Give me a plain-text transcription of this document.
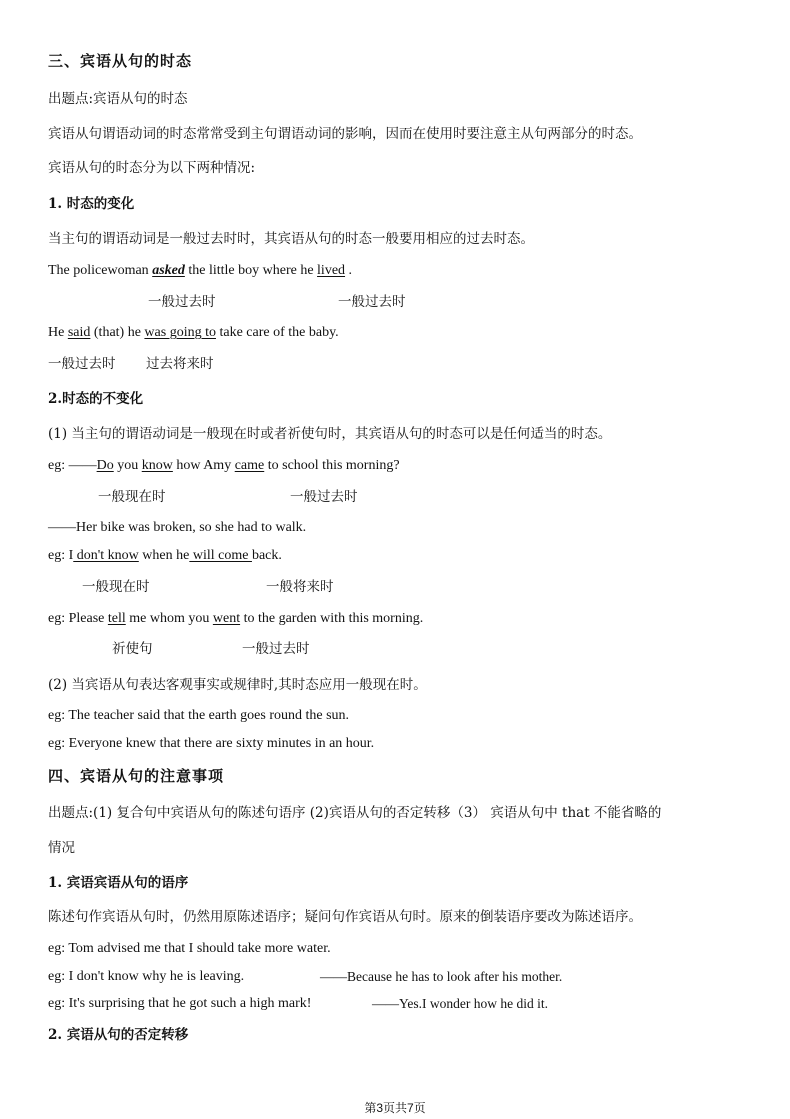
三、宾语从句的时态
出题点:宾语从句的时态
宾语从句谓语动词的时态常常受到主句谓语动词的影响，因而在使用时要注意主从句两部分的时态。
宾语从句的时态分为以下两种情况:
1. 时态的变化
当主句的谓语动词是一般过去时时，其宾语从句的时态一般要用相应的过去时态。
The policewoman asked the little boy where he lived .
一般过去时	一般过去时
He said (that) he was going to take care of the baby.
一般过去时 过去将来时
2.时态的不变化
(1) 当主句的谓语动词是一般现在时或者祈使句时，其宾语从句的时态可以是任何适当的时态。
eg: ——Do you know how Amy came to school this morning?
一般现在时	一般过去时
——Her bike was broken, so she had to walk.
eg: I don't know when he will come back.
一般现在时	一般将来时
eg: Please tell me whom you went to the garden with this morning.
祈使句	一般过去时
(2) 当宾语从句表达客观事实或规律时,其时态应用一般现在时。
eg: The teacher said that the earth goes round the sun.
eg: Everyone knew that there are sixty minutes in an hour.
四、宾语从句的注意事项
出题点:(1) 复合句中宾语从句的陈述句语序 (2)宾语从句的否定转移（3） 宾语从句中 that 不能省略的
情况
1. 宾语宾语从句的语序
陈述句作宾语从句时，仍然用原陈述语序；疑问句作宾语从句时。原来的倒装语序要改为陈述语序。
eg: Tom advised me that I should take more water.
eg: I don't know why he is leaving.	——Because he has to look after his mother.
eg: It's surprising that he got such a high mark!	——Yes.I wonder how he did it.
2. 宾语从句的否定转移
第3页共7页
